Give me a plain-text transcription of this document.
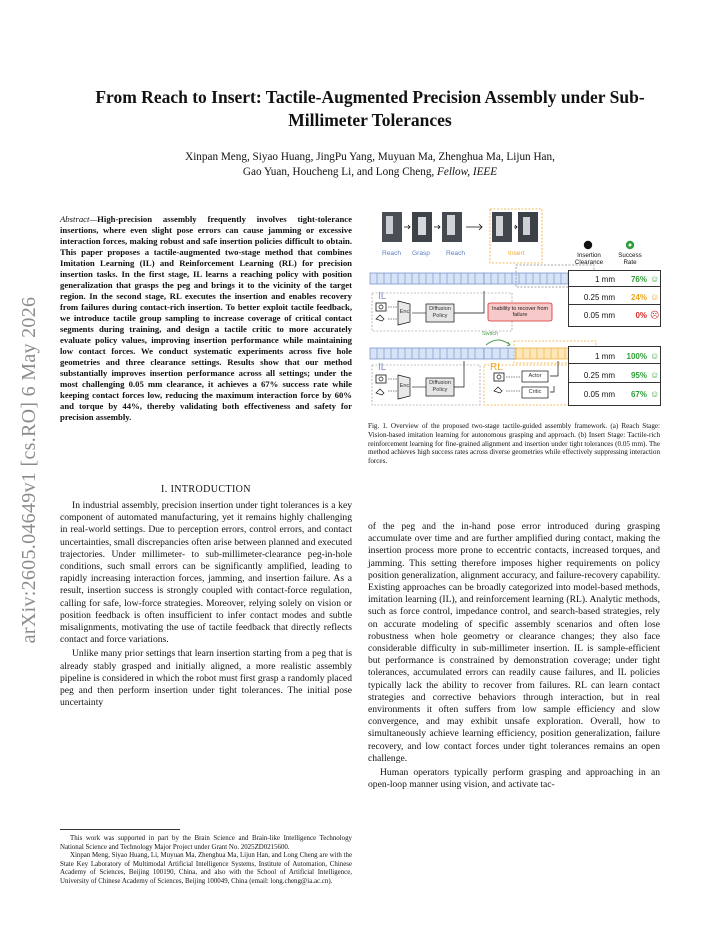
arXiv:2605.04649v1 [cs.RO] 6 May 2026
From Reach to Insert: Tactile-Augmented Precision Assembly under Sub-Millimeter Tolerances
Xinpan Meng, Siyao Huang, JingPu Yang, Muyuan Ma, Zhenghua Ma, Lijun Han,
Gao Yuan, Houcheng Li, and Long Cheng, Fellow, IEEE
Abstract—High-precision assembly frequently involves tight-tolerance insertions, where even slight pose errors can cause jamming or excessive interaction forces, making robust and safe insertion policies difficult to obtain. This paper proposes a tactile-augmented two-stage method that combines Imitation Learning (IL) and Reinforcement Learning (RL) for precision insertion tasks. In the first stage, IL learns a reaching policy with position generalization that grasps the peg and brings it to the vicinity of the target region. In the second stage, RL executes the insertion and enables recovery from failures during contact-rich insertion. To better exploit tactile feedback, we introduce tactile group sampling to increase coverage of critical contact segments during training, and design a tactile critic to more accurately evaluate policy values, improving insertion performance while maintaining low contact forces. We conduct systematic experiments across five hole geometries and three clearance settings. Results show that our method substantially improves insertion performance across all settings; under the most challenging 0.05 mm clearance, it achieves a 67% success rate while keeping contact forces low, reducing the maximum interaction force by 60% and torque by 44%, thereby validating both effectiveness and safety for precision assembly.
I. INTRODUCTION

In industrial assembly, precision insertion under tight tolerances is a key component of automated manufacturing, yet it remains highly challenging in real-world settings. Due to perception errors, control errors, and contact uncertainties, small discrepancies often arise between planned and executed trajectories. Under millimeter- to sub-millimeter-clearance peg-in-hole conditions, such small errors can be significantly amplified, leading to rapidly increasing interaction forces, jamming, and insertion failure. As a result, insertion success is strongly coupled with contact-force regulation, calling for safe, low-force strategies. Moreover, relying solely on vision or position feedback is often insufficient to infer contact modes and subtle misalignments, motivating the use of tactile feedback that directly reflects contact and force variations.

Unlike many prior settings that learn insertion starting from a peg that is already stably grasped and initially aligned, a more realistic assembly pipeline is considered in which the robot must first grasp a randomly placed peg and then perform insertion under tight tolerances. The initial pose uncertainty

This work was supported in part by the Brain Science and Brain-like Intelligence Technology National Science and Technology Major Project under Grant No. 2025ZD0215600.

Xinpan Meng, Siyao Huang, Li, Muyuan Ma, Zhenghua Ma, Lijun Han, and Long Cheng are with the State Key Laboratory of Multimodal Artificial Intelligence Systems, Institute of Automation, Chinese Academy of Sciences, Beijing 100190, China, and also with the School of Artificial Intelligence, University of Chinese Academy of Sciences, Beijing 100049, China (email: long.cheng@ia.ac.cn).

Reach Grasp Reach	Insert	Insertion Clearance
Success Rate
1 mm	76% ☺
0.25 mm	24% ☺
0.05 mm	0% ☹
1 mm	100% ☺
0.25 mm	95% ☺
0.05 mm	67% ☺
IL
IL	RL
Enc
Enc
Diffusion Policy
Diffusion Policy
Inability to recover from failure
Switch
Actor
Critic
Fig. 1. Overview of the proposed two-stage tactile-guided assembly framework. (a) Reach Stage: Vision-based imitation learning for autonomous grasping and approach. (b) Insert Stage: Tactile-rich reinforcement learning for fine-grained alignment and insertion under tight tolerances (0.05 mm). The method achieves high success rates across diverse geometries while effectively suppressing interaction forces.

of the peg and the in-hand pose error introduced during grasping accumulate over time and are further amplified during contact, making the insertion process more prone to eccentric contacts, increased torques, and jamming. This setting therefore imposes higher requirements on policy position generalization, alignment accuracy, and failure-recovery capability. Existing approaches can be broadly categorized into model-based methods, imitation learning (IL), and reinforcement learning (RL). Analytic methods, such as force control, impedance control, and search-based strategies, rely on accurate modeling of specific assembly scenarios and often lose robustness when hole geometry or clearance changes; they also face considerable difficulty in sub-millimeter insertion. IL is sample-efficient but performance is constrained by demonstration coverage; under tight tolerances, accumulated errors can readily cause failures, and IL policies typically lack the ability to recover from failures. RL can learn contact strategies and corrective behaviors through interaction, but in real environments it often suffers from low sample efficiency and slow convergence, and may exhibit unsafe exploration. Overall, how to simultaneously achieve learning efficiency, position generalization, failure recovery, and low contact forces under tight tolerances remains an open challenge.

Human operators typically perform grasping and approaching in an open-loop manner using vision, and activate tac-
